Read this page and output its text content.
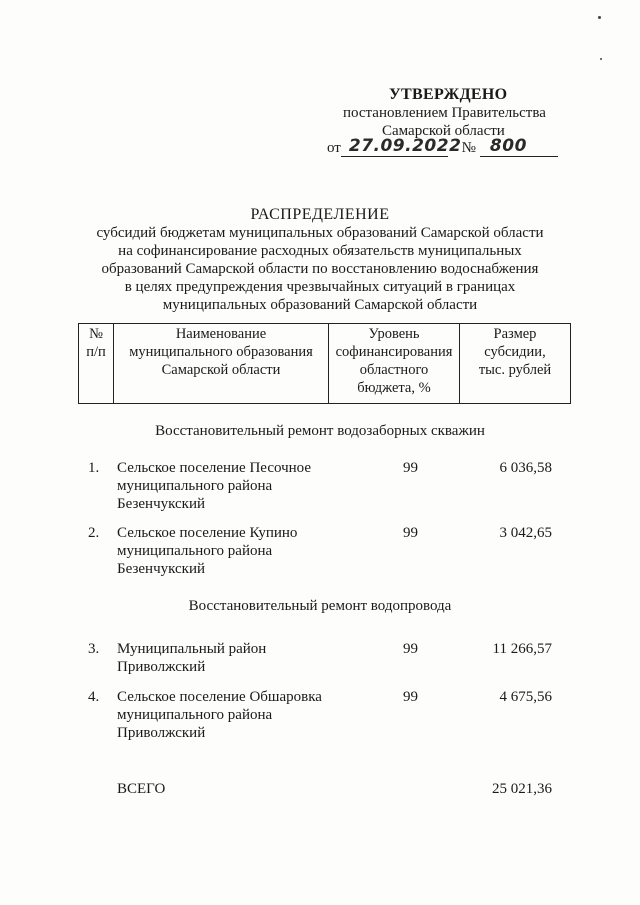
УТВЕРЖДЕНО
постановлением Правительства
Самарской области
от 27.09.2022 № 800
РАСПРЕДЕЛЕНИЕ
субсидий бюджетам муниципальных образований Самарской области
на софинансирование расходных обязательств муниципальных
образований Самарской области по восстановлению водоснабжения
в целях предупреждения чрезвычайных ситуаций в границах
муниципальных образований Самарской области
№
п/п

Наименование
муниципального образования
Самарской области

Уровень
софинансирования
областного
бюджета, %

Размер
субсидии,
тыс. рублей
Восстановительный ремонт водозаборных скважин
1. Сельское поселение Песочное
муниципального района
Безенчукский
99	6 036,58
2. Сельское поселение Купино
муниципального района
Безенчукский
99	3 042,65
Восстановительный ремонт водопровода
3. Муниципальный район
Приволжский
99	11 266,57
4. Сельское поселение Обшаровка
муниципального района
Приволжский
99	4 675,56
ВСЕГО	25 021,36
